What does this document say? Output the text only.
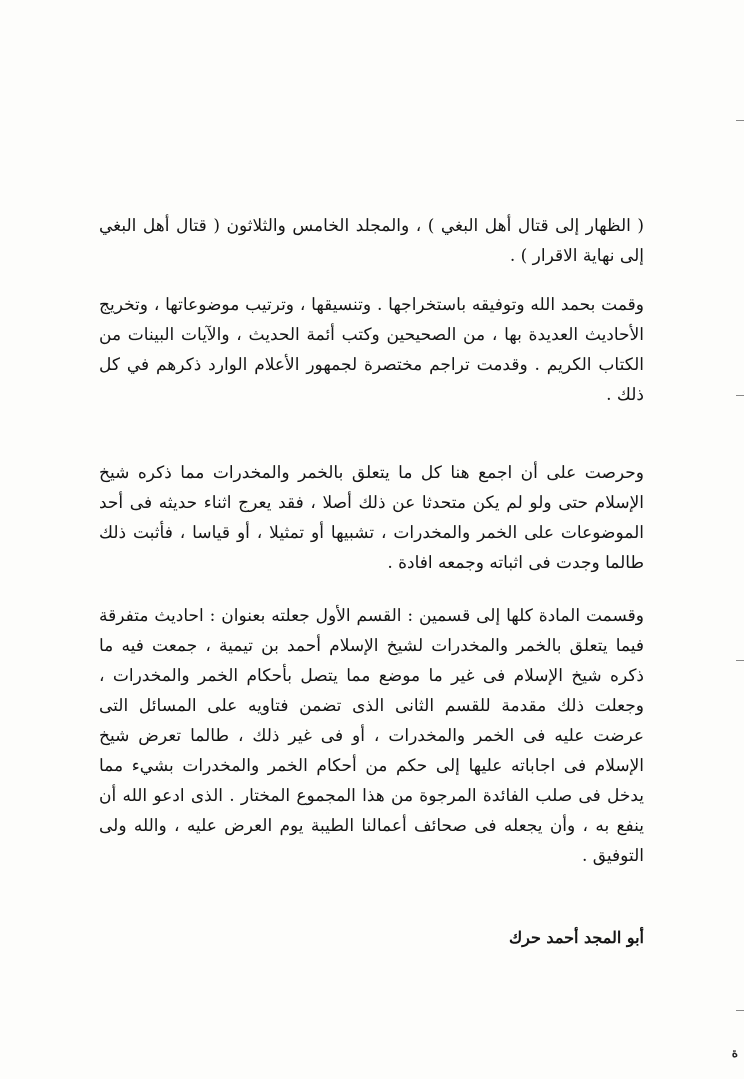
( الظهار إلى قتال أهل البغي ) ، والمجلد الخامس والثلاثون ( قتال أهل البغي إلى نهاية الاقرار ) .

وقمت بحمد الله وتوفيقه باستخراجها . وتنسيقها ، وترتيب موضوعاتها ، وتخريج الأحاديث العديدة بها ، من الصحيحين وكتب أئمة الحديث ، والآيات البينات من الكتاب الكريم . وقدمت تراجم مختصرة لجمهور الأعلام الوارد ذكرهم في كل ذلك .

وحرصت على أن اجمع هنا كل ما يتعلق بالخمر والمخدرات مما ذكره شيخ الإسلام حتى ولو لم يكن متحدثا عن ذلك أصلا ، فقد يعرج اثناء حديثه فى أحد الموضوعات على الخمر والمخدرات ، تشبيها أو تمثيلا ، أو قياسا ، فأثبت ذلك طالما وجدت فى اثباته وجمعه افادة .

وقسمت المادة كلها إلى قسمين : القسم الأول جعلته بعنوان : احاديث متفرقة فيما يتعلق بالخمر والمخدرات لشيخ الإسلام أحمد بن تيمية ، جمعت فيه ما ذكره شيخ الإسلام فى غير ما موضع مما يتصل بأحكام الخمر والمخدرات ، وجعلت ذلك مقدمة للقسم الثانى الذى تضمن فتاويه على المسائل التى عرضت عليه فى الخمر والمخدرات ، أو فى غير ذلك ، طالما تعرض شيخ الإسلام فى اجاباته عليها إلى حكم من أحكام الخمر والمخدرات بشيء مما يدخل فى صلب الفائدة المرجوة من هذا المجموع المختار . الذى ادعو الله أن ينفع به ، وأن يجعله فى صحائف أعمالنا الطيبة يوم العرض عليه ، والله ولى التوفيق .

أبو المجد أحمد حرك
ة
